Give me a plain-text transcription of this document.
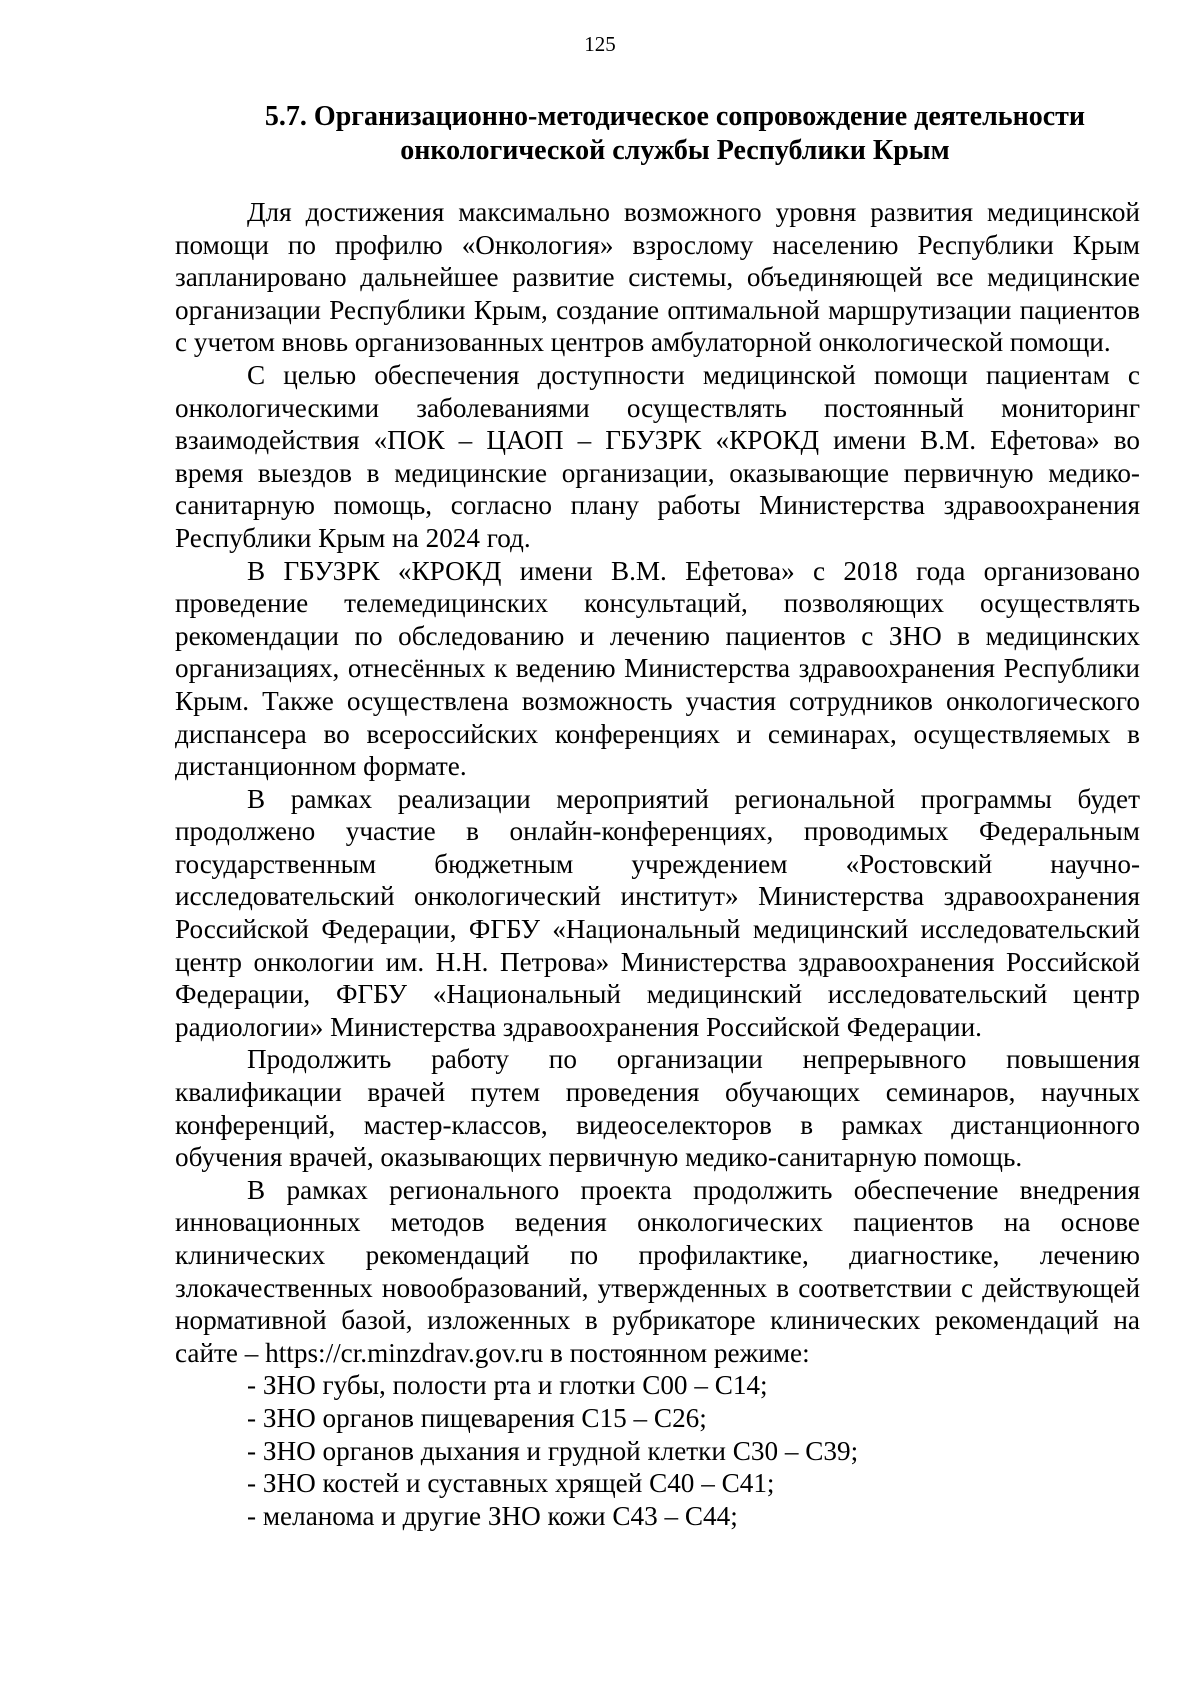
125
5.7. Организационно-методическое сопровождение деятельности
онкологической службы Республики Крым

Для достижения максимально возможного уровня развития медицинской помощи по профилю «Онкология» взрослому населению Республики Крым запланировано дальнейшее развитие системы, объединяющей все медицинские организации Республики Крым, создание оптимальной маршрутизации пациентов с учетом вновь организованных центров амбулаторной онкологической помощи.

С целью обеспечения доступности медицинской помощи пациентам с онкологическими заболеваниями осуществлять постоянный мониторинг взаимодействия «ПОК – ЦАОП – ГБУЗРК «КРОКД имени В.М. Ефетова» во время выездов в медицинские организации, оказывающие первичную медико-санитарную помощь, согласно плану работы Министерства здравоохранения Республики Крым на 2024 год.

В ГБУЗРК «КРОКД имени В.М. Ефетова» с 2018 года организовано проведение телемедицинских консультаций, позволяющих осуществлять рекомендации по обследованию и лечению пациентов с ЗНО в медицинских организациях, отнесённых к ведению Министерства здравоохранения Республики Крым. Также осуществлена возможность участия сотрудников онкологического диспансера во всероссийских конференциях и семинарах, осуществляемых в дистанционном формате.

В рамках реализации мероприятий региональной программы будет продолжено участие в онлайн-конференциях, проводимых Федеральным государственным бюджетным учреждением «Ростовский научно-исследовательский онкологический институт» Министерства здравоохранения Российской Федерации, ФГБУ «Национальный медицинский исследовательский центр онкологии им. Н.Н. Петрова» Министерства здравоохранения Российской Федерации, ФГБУ «Национальный медицинский исследовательский центр радиологии» Министерства здравоохранения Российской Федерации.

Продолжить работу по организации непрерывного повышения квалификации врачей путем проведения обучающих семинаров, научных конференций, мастер-классов, видеоселекторов в рамках дистанционного обучения врачей, оказывающих первичную медико-санитарную помощь.

В рамках регионального проекта продолжить обеспечение внедрения инновационных методов ведения онкологических пациентов на основе клинических рекомендаций по профилактике, диагностике, лечению злокачественных новообразований, утвержденных в соответствии с действующей нормативной базой, изложенных в рубрикаторе клинических рекомендаций на сайте – https://cr.minzdrav.gov.ru в постоянном режиме:

- ЗНО губы, полости рта и глотки С00 – С14;

- ЗНО органов пищеварения С15 – С26;

- ЗНО органов дыхания и грудной клетки С30 – С39;

- ЗНО костей и суставных хрящей С40 – С41;

- меланома и другие ЗНО кожи С43 – С44;
